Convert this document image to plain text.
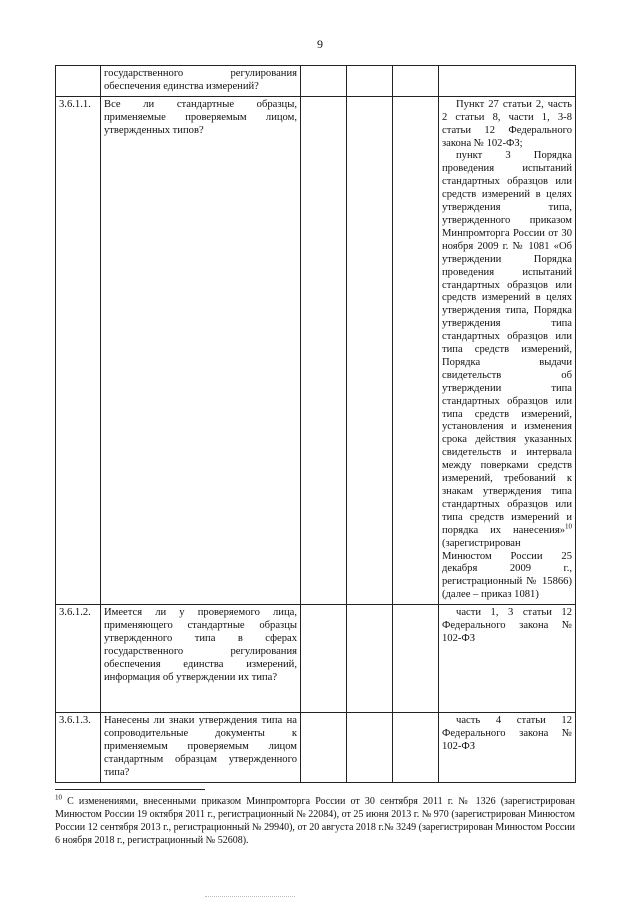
9
	государственного регулирования обеспечения единства измерений?				
3.6.1.1.	Все ли стандартные образцы, применяемые проверяемым лицом, утвержденных типов?				Пункт 27 статьи 2, часть 2 статьи 8, части 1, 3-8 статьи 12 Федерального закона № 102-ФЗ;
пункт 3 Порядка проведения испытаний стандартных образцов или средств измерений в целях утверждения типа, утвержденного приказом Минпромторга России от 30 ноября 2009 г. № 1081 «Об утверждении Порядка проведения испытаний стандартных образцов или средств измерений в целях утверждения типа, Порядка утверждения типа стандартных образцов или типа средств измерений, Порядка выдачи свидетельств об утверждении типа стандартных образцов или типа средств измерений, установления и изменения срока действия указанных свидетельств и интервала между поверками средств измерений, требований к знакам утверждения типа стандартных образцов или типа средств измерений и порядка их нанесения»$^{10}$ (зарегистрирован Минюстом России 25 декабря 2009 г., регистрационный № 15866) (далее – приказ 1081)

3.6.1.2.	Имеется ли у проверяемого лица, применяющего стандартные образцы утвержденного типа в сферах государственного регулирования обеспечения единства измерений, информация об утверждении их типа?				части 1, 3 статьи 12 Федерального закона № 102-ФЗ
3.6.1.3.	Нанесены ли знаки утверждения типа на сопроводительные документы к применяемым проверяемым лицом стандартным образцам утвержденного типа?				часть 4 статьи 12 Федерального закона № 102-ФЗ
$^{10}$ С изменениями, внесенными приказом Минпромторга России от 30 сентября 2011 г. № 1326 (зарегистрирован Минюстом России 19 октября 2011 г., регистрационный № 22084), от 25 июня 2013 г. № 970 (зарегистрирован Минюстом России 12 сентября 2013 г., регистрационный № 29940), от 20 августа 2018 г.№ 3249 (зарегистрирован Минюстом России 6 ноября 2018 г., регистрационный № 52608).
